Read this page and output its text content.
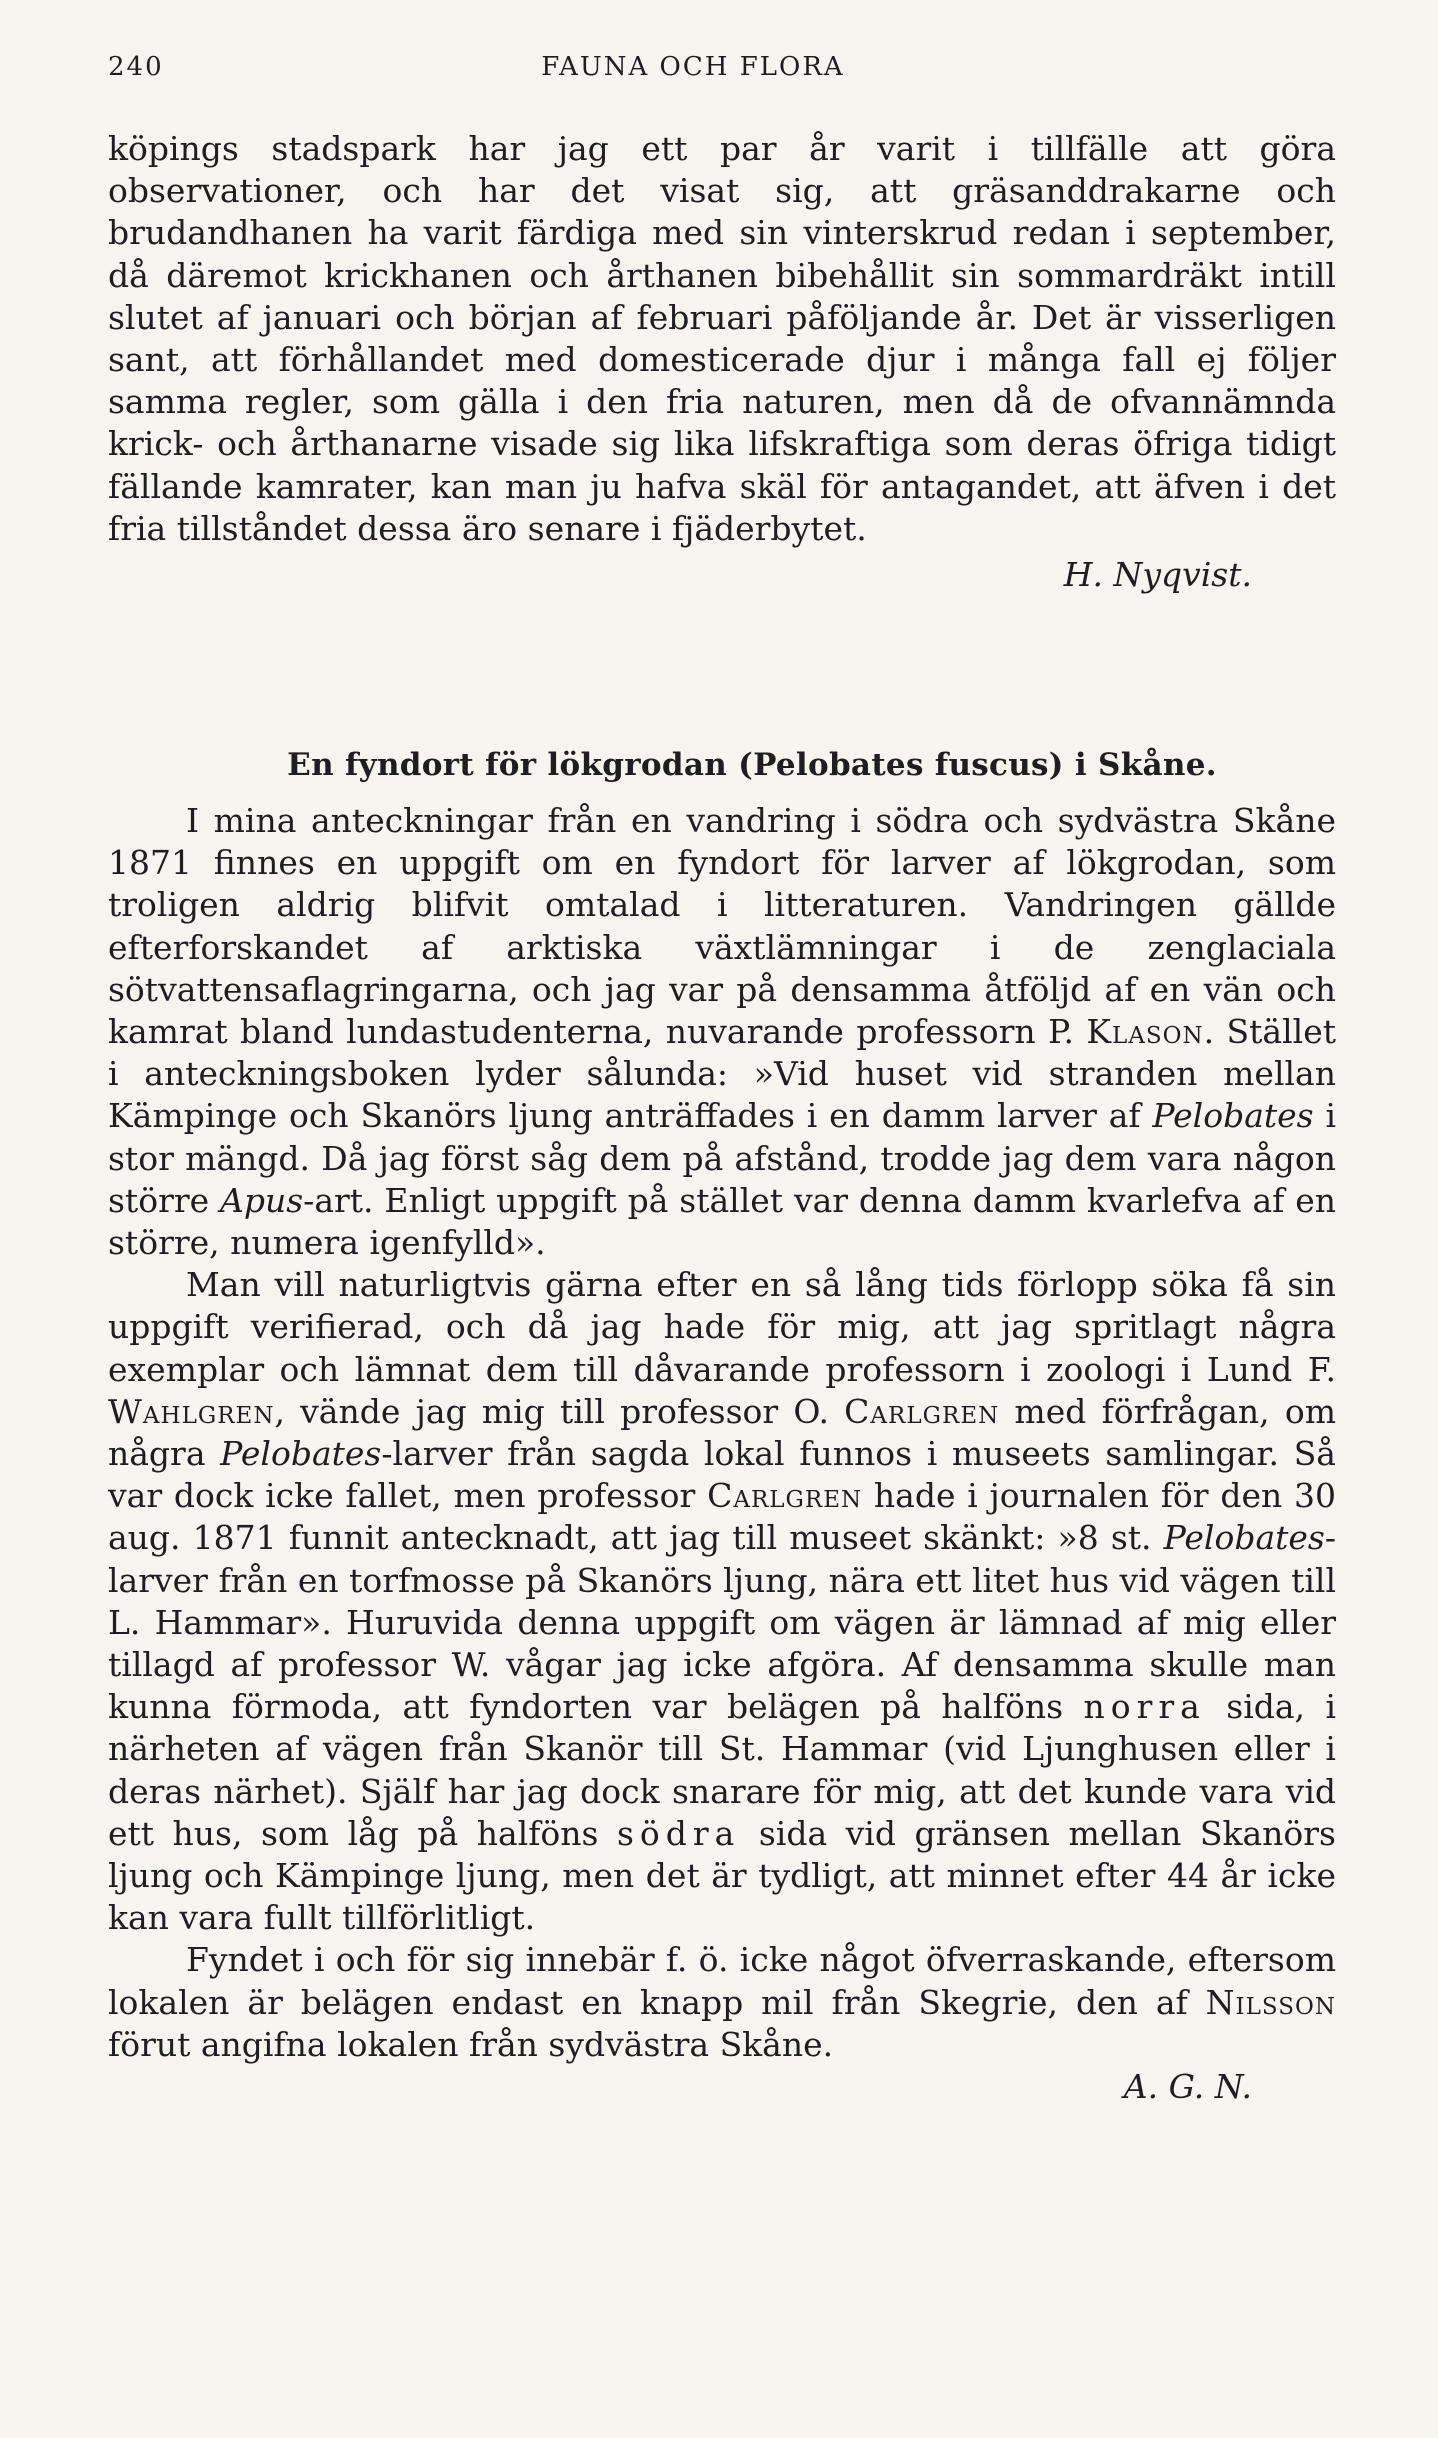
240	FAUNA OCH FLORA

köpings stadspark har jag ett par år varit i tillfälle att göra observationer, och har det visat sig, att gräsanddrakarne och brudandhanen ha varit färdiga med sin vinterskrud redan i september, då däremot krickhanen och årthanen bibehållit sin sommardräkt intill slutet af januari och början af februari påföljande år. Det är visserligen sant, att förhållandet med domesticerade djur i många fall ej följer samma regler, som gälla i den fria naturen, men då de ofvannämnda krick- och årthanarne visade sig lika lifskraftiga som deras öfriga tidigt fällande kamrater, kan man ju hafva skäl för antagandet, att äfven i det fria tillståndet dessa äro senare i fjäderbytet.

H. Nyqvist.
En fyndort för lökgrodan (Pelobates fuscus) i Skåne.

I mina anteckningar från en vandring i södra och sydvästra Skåne 1871 finnes en uppgift om en fyndort för larver af lökgrodan, som troligen aldrig blifvit omtalad i litteraturen. Vandringen gällde efterforskandet af arktiska växtlämningar i de zenglaciala sötvattensaflagringarna, och jag var på densamma åtföljd af en vän och kamrat bland lundastudenterna, nuvarande professorn P. Klason. Stället i anteckningsboken lyder sålunda: »Vid huset vid stranden mellan Kämpinge och Skanörs ljung anträffades i en damm larver af Pelobates i stor mängd. Då jag först såg dem på afstånd, trodde jag dem vara någon större Apus-art. Enligt uppgift på stället var denna damm kvarlefva af en större, numera igenfylld».

Man vill naturligtvis gärna efter en så lång tids förlopp söka få sin uppgift verifierad, och då jag hade för mig, att jag spritlagt några exemplar och lämnat dem till dåvarande professorn i zoologi i Lund F. Wahlgren, vände jag mig till professor O. Carlgren med förfrågan, om några Pelobates-larver från sagda lokal funnos i museets samlingar. Så var dock icke fallet, men professor Carlgren hade i journalen för den 30 aug. 1871 funnit antecknadt, att jag till museet skänkt: »8 st. Pelobates-larver från en torfmosse på Skanörs ljung, nära ett litet hus vid vägen till L. Hammar». Huruvida denna uppgift om vägen är lämnad af mig eller tillagd af professor W. vågar jag icke afgöra. Af densamma skulle man kunna förmoda, att fyndorten var belägen på halföns norra sida, i närheten af vägen från Skanör till St. Hammar (vid Ljunghusen eller i deras närhet). Själf har jag dock snarare för mig, att det kunde vara vid ett hus, som låg på halföns södra sida vid gränsen mellan Skanörs ljung och Kämpinge ljung, men det är tydligt, att minnet efter 44 år icke kan vara fullt tillförlitligt.

Fyndet i och för sig innebär f. ö. icke något öfverraskande, eftersom lokalen är belägen endast en knapp mil från Skegrie, den af Nilsson förut angifna lokalen från sydvästra Skåne.

A. G. N.
